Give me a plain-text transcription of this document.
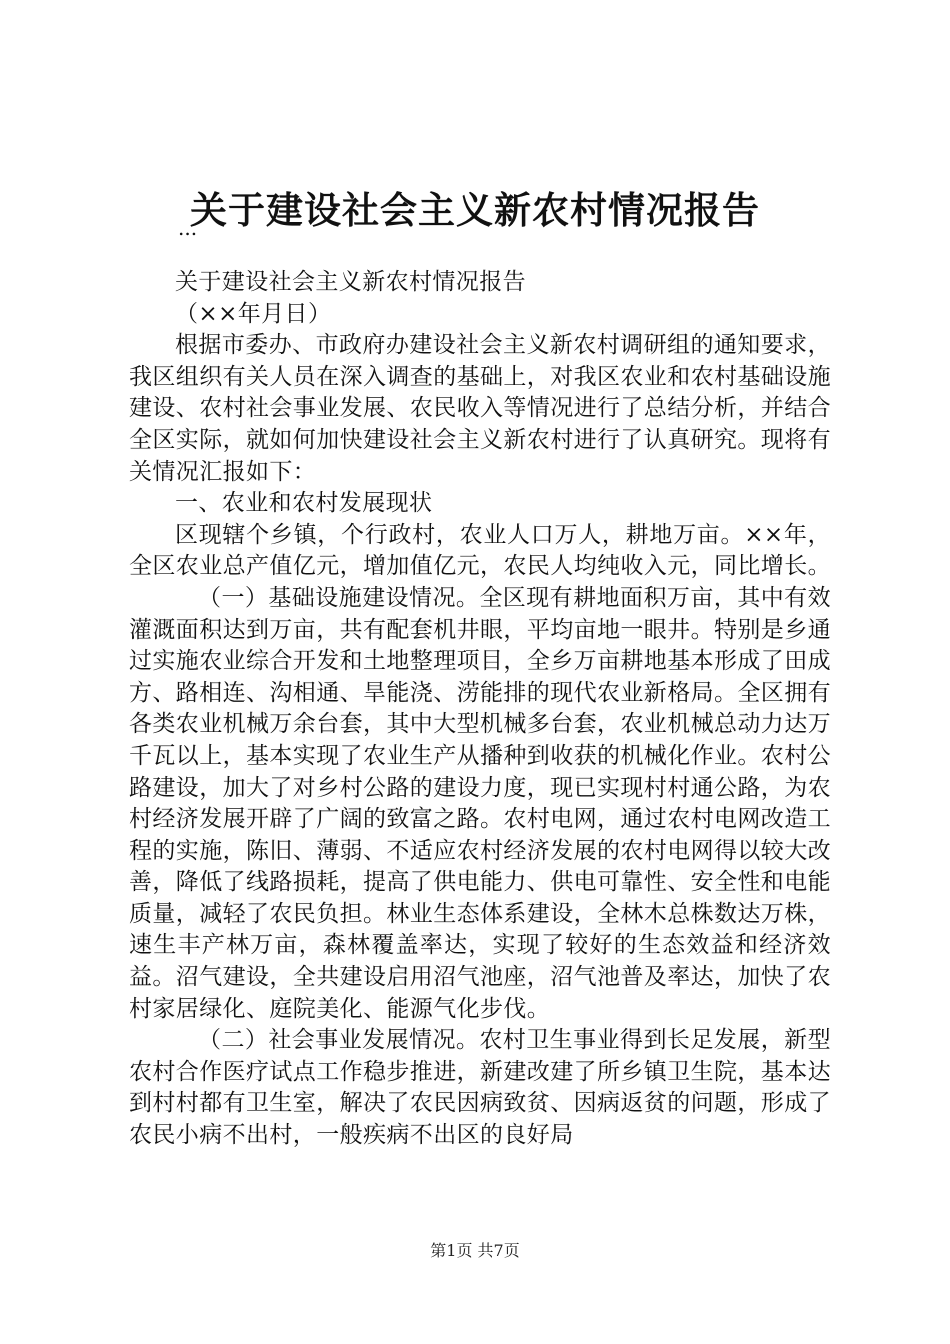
关于建设社会主义新农村情况报告
...

关于建设社会主义新农村情况报告

（××年月日）

根据市委办、市政府办建设社会主义新农村调研组的通知要求，我区组织有关人员在深入调查的基础上，对我区农业和农村基础设施建设、农村社会事业发展、农民收入等情况进行了总结分析，并结合全区实际，就如何加快建设社会主义新农村进行了认真研究。现将有关情况汇报如下：

一、农业和农村发展现状

区现辖个乡镇，个行政村，农业人口万人，耕地万亩。××年，全区农业总产值亿元，增加值亿元，农民人均纯收入元，同比增长。

（一）基础设施建设情况。全区现有耕地面积万亩，其中有效灌溉面积达到万亩，共有配套机井眼，平均亩地一眼井。特别是乡通过实施农业综合开发和土地整理项目，全乡万亩耕地基本形成了田成方、路相连、沟相通、旱能浇、涝能排的现代农业新格局。全区拥有各类农业机械万余台套，其中大型机械多台套，农业机械总动力达万千瓦以上，基本实现了农业生产从播种到收获的机械化作业。农村公路建设，加大了对乡村公路的建设力度，现已实现村村通公路，为农村经济发展开辟了广阔的致富之路。农村电网，通过农村电网改造工程的实施，陈旧、薄弱、不适应农村经济发展的农村电网得以较大改善，降低了线路损耗，提高了供电能力、供电可靠性、安全性和电能质量，减轻了农民负担。林业生态体系建设，全林木总株数达万株，速生丰产林万亩，森林覆盖率达，实现了较好的生态效益和经济效益。沼气建设，全共建设启用沼气池座，沼气池普及率达，加快了农村家居绿化、庭院美化、能源气化步伐。

（二）社会事业发展情况。农村卫生事业得到长足发展，新型农村合作医疗试点工作稳步推进，新建改建了所乡镇卫生院，基本达到村村都有卫生室，解决了农民因病致贫、因病返贫的问题，形成了农民小病不出村，一般疾病不出区的良好局

第1页 共7页
